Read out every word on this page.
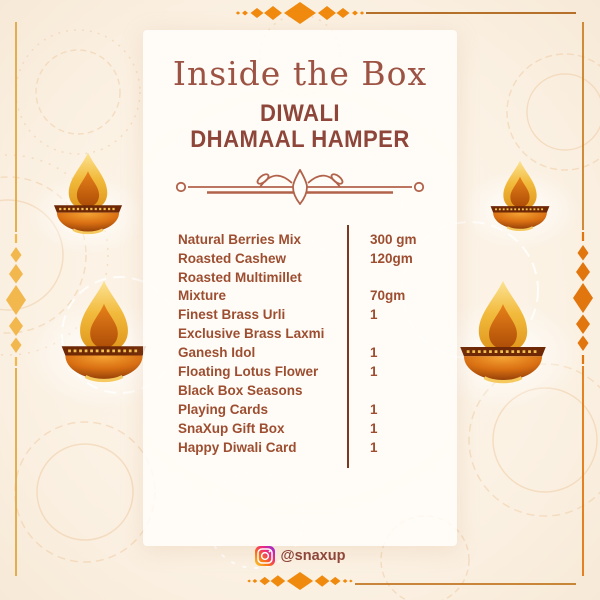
Inside the Box
DIWALI
DHAMAAL HAMPER
Natural Berries Mix	300 gm
Roasted Cashew	120gm
Roasted Multimillet
Mixture	70gm
Finest Brass Urli	1
Exclusive Brass Laxmi
Ganesh Idol	1
Floating Lotus Flower	1
Black Box Seasons
Playing Cards	1
SnaXup Gift Box	1
Happy Diwali Card	1
@snaxup
